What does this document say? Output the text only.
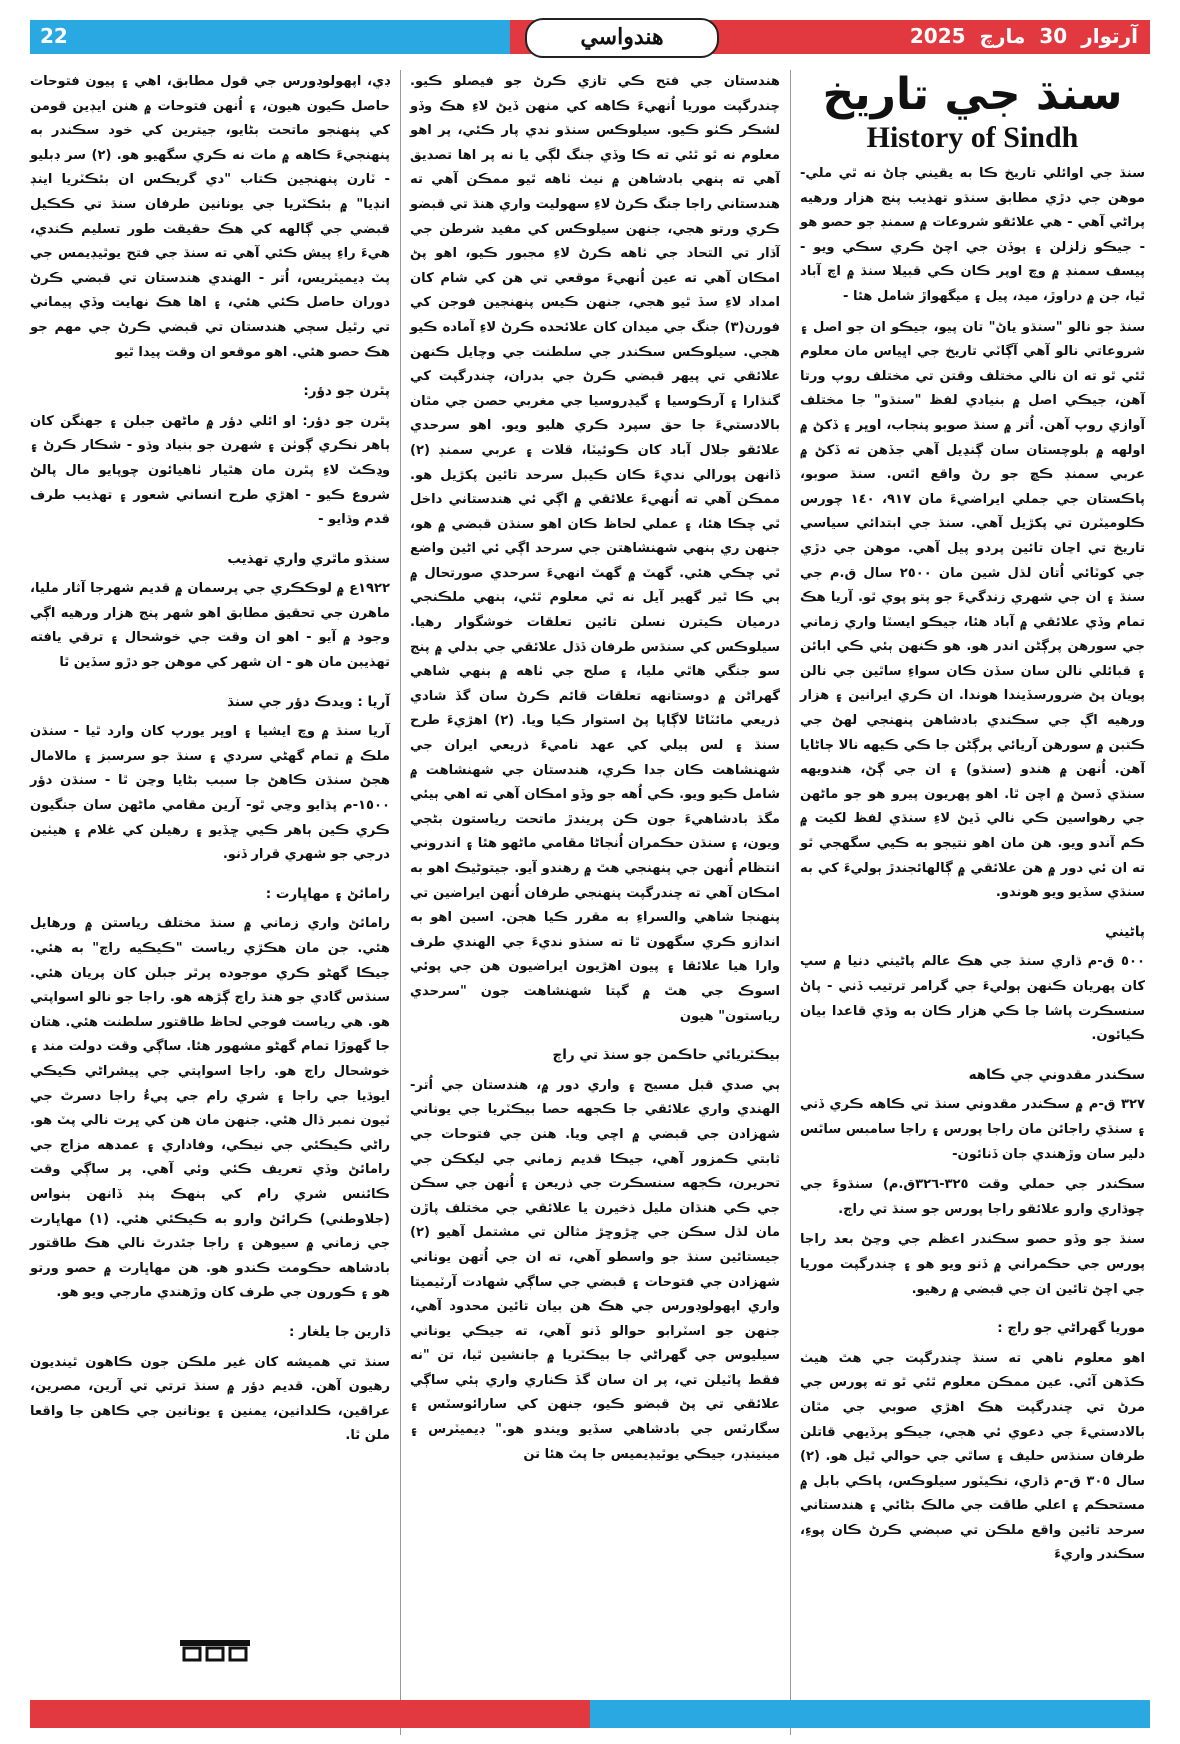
22	هندواسي	آرتوار30مارچ2025
سنڌ جي تاريخ
History of Sindh

سنڌ جي اوائلي تاريخ ڪا به يقيني ڄاڻ نه ٿي ملي- موهن جي دڙي مطابق سنڌو تهذيب پنج هزار ورهيه پراڻي آهي - هي علائقو شروعات ۾ سمنڊ جو حصو هو - جيڪو زلزلن ۽ ٻوڏن جي اچڻ ڪري سڪي ويو - پيسف سمنڊ ۾ وچ اوپر ڪان ڪي قبيلا سنڌ ۾ اچ آباد ٿيا، جن ۾ دراوڙ، ميد، پيل ۽ ميگهواڙ شامل هئا -

سنڌ جو نالو "سنڌو ياڻ" تان پيو، جيڪو ان جو اصل ۽ شروعاتي نالو آهي آڳاٽي تاريخ جي اڀياس مان معلوم ٿئي ٿو ته ان نالي مختلف وقتن تي مختلف روپ ورتا آهن، جيڪي اصل ۾ بنيادي لفظ "سنڌو" جا مختلف آوازي روپ آهن. اُتر ۾ سنڌ صوبو پنجاب، اوڀر ۽ ڏکڻ ۾ اولهه ۾ بلوچستان سان ڳنڍيل آهي جڏهن ته ڏکڻ ۾ عربي سمنڊ ڪڇ جو رڻ واقع اٿس. سنڌ صوبو، پاڪستان جي جملي ايراضيءَ مان ٩١٧، ١٤٠ چورس ڪلوميٽرن تي پکڙيل آهي. سنڌ جي ابتدائي سياسي تاريخ تي اڃان تائين پردو پيل آهي. موهن جي دڙي جي کوٽائي اُتان لڌل شين مان ٢٥٠٠ سال ق.م جي سنڌ ۽ ان جي شهري زندگيءَ جو پتو پوي ٿو. آريا هڪ تمام وڏي علائقي ۾ آباد هئا، جيڪو ايسٽا واري زماني جي سورهن پرڳڻن اندر هو. هو ڪنهن ٻئي ڪي ابائن ۽ قبائلي نالن سان سڏن ڪان سواءِ ساٿين جي نالن پويان پڻ ضرورسڏيندا هوندا. ان ڪري ايرانين ۽ هزار ورهيه اڳ جي سڪندي بادشاهن پنهنجي لهڻ جي ڪتبن ۾ سورهن آريائي پرڳڻن جا ڪي ڪيهه نالا ڄاڻايا آهن. اُنهن ۾ هندو (سنڌو) ۽ ان جي ڳڻ، هندويهه سنڌي ڏسڻ ۾ اچن ٿا. اهو پهريون پيرو هو جو ماڻهن جي رهواسين ڪي نالي ڏيڻ لاءِ سنڌي لفظ لکيت ۾ ڪم آندو ويو. هن مان اهو نتيجو به ڪيي سگهجي ٿو ته ان ئي دور ۾ هن علائقي ۾ ڳالهائجندڙ ٻوليءَ کي به سنڌي سڏيو ويو هوندو.

پاڻيني

٥٠٠ ق-م ڌاري سنڌ جي هڪ عالم پاڻيني دنيا ۾ سڀ کان پهريان ڪنهن ٻوليءَ جي گرامر ترتيب ڏني - پاڻ سنسڪرت پاشا جا ڪي هزار ڪان به وڌي قاعدا بيان ڪيائون.

سڪندر مقدوني جي ڪاهه

٣٢٧ ق-م ۾ سڪندر مقدوني سنڌ تي ڪاهه ڪري ڏني ۽ سنڌي راجائن مان راجا پورس ۽ راجا سامبس ساٿس دلير سان وڙهندي جان ڏنائون-

سڪندر جي حملي وقت ٣٢٥-٣٢٦ق.م) سنڌوءَ جي چوڌاري وارو علائقو راجا پورس جو سنڌ تي راڄ.

سنڌ جو وڏو حصو سڪندر اعظم جي وڃڻ بعد راجا پورس جي حڪمراني ۾ ڏنو ويو هو ۽ چندرگپت موريا جي اچڻ تائين ان جي قبضي ۾ رهيو.

موريا گهراڻي جو راڄ :

اهو معلوم ناهي ته سنڌ چندرگپت جي هٿ هيٺ ڪڏهن آئي. عين ممڪن معلوم ٿئي ٿو ته پورس جي مرڻ تي چندرگپت هڪ اهڙي صوبي جي مٿان بالادستيءَ جي دعوي ئي هجي، جيڪو پرڏيهي قاتلن طرفان سنڌس حليف ۽ ساٿي جي حوالي ٿيل هو. (٢) سال ٣٠٥ ق-م ڌاري، نڪيٽور سيلوڪس، پاڪي بابل ۾ مستحڪم ۽ اعلي طاقت جي مالڪ بڻائي ۽ هندستاني سرحد تائين واقع ملڪن تي صبضي ڪرڻ ڪان پوءِ، سڪندر واريءَ

هندستان جي فتح ڪي تازي ڪرڻ جو فيصلو ڪيو. چندرگپت موريا اُنهيءَ ڪاهه کي منهن ڏيڻ لاءِ هڪ وڏو لشڪر ڪٺو ڪيو. سيلوڪس سنڌو ندي پار ڪئي، پر اهو معلوم نه ٿو ٿئي ته ڪا وڏي جنگ لڳي يا نه پر اها تصديق آهي ته ٻنهي بادشاهن ۾ نيٺ ٺاهه ٿيو ممڪن آهي ته هندستاني راجا جنگ ڪرڻ لاءِ سهوليت واري هنڌ تي قبضو ڪري ورتو هجي، جنهن سيلوڪس کي مفيد شرطن جي آڌار تي التحاد جي ٺاهه ڪرڻ لاءِ مجبور ڪيو، اهو پڻ امڪان آهي ته عين اُنهيءَ موقعي تي هن کي شام کان امداد لاءِ سڏ ٿيو هجي، جنهن ڪيس پنهنجين فوجن کي فورن(٣) جنگ جي ميدان کان علائحده ڪرڻ لاءِ آماده ڪيو هجي. سيلوڪس سڪندر جي سلطنت جي وچايل ڪنهن علائقي تي پيهر قبضي ڪرڻ جي بدران، چندرگپت کي گنڌارا ۽ آرڪوسيا ۽ گيڊروسيا جي مغربي حصن جي مٿان بالادستيءَ جا حق سپرد ڪري هليو ويو. اهو سرحدي علائقو جلال آباد کان ڪوئيٽا، قلات ۽ عربي سمنڊ (٢) ڏانهن پورالي نديءَ ڪان ڪيبل سرحد تائين پکڙيل هو. ممڪن آهي ته اُنهيءَ علائقي ۾ اڳي ئي هندستاني داخل ٿي چڪا هئا، ۽ عملي لحاظ ڪان اهو سنڌن قبضي ۾ هو، جنهن ري ٻنهي شهنشاهتن جي سرحد اڳي ئي اڻين واضع ٿي چڪي هئي. گهٽ ۾ گهٽ انهيءَ سرحدي صورتحال ۾ ٻي ڪا ٿير گهير آيل نه ٿي معلوم ٿئي، ٻنهي ملڪنجي درميان ڪيترن نسلن تائين تعلقات خوشگوار رهيا. سيلوڪس کي سنڌس طرفان ڏڌل علائقي جي بدلي ۾ پنج سو جنگي هاٿي مليا، ۽ صلح جي ٺاهه ۾ ٻنهي شاهي گهراڻن ۾ دوستانهه تعلقات قائم ڪرڻ سان گڏ شادي ذريعي مائٽاڻا لاڳاپا پڻ استوار ڪيا ويا. (٢) اهڙيءَ طرح سنڌ ۽ لس ٻيلي کي عهد ناميءَ ذريعي ايران جي شهنشاهت ڪان جدا ڪري، هندستان جي شهنشاهت ۾ شامل ڪيو ويو. ڪي اُهه جو وڏو امڪان آهي ته اهي ٻيئي مگڌ بادشاهيءَ جون ڪن پريندڙ ماتحت رياستون بڻجي ويون، ۽ سنڌن حڪمران اُنجاڻا مقامي ماڻهو هئا ۽ اندروني انتظام اُنهن جي پنهنجي هٿ ۾ رهندو آيو. جيتوڻيڪ اهو به امڪان آهي ته چندرگپت پنهنجي طرفان اُنهن ايراضين تي پنهنجا شاهي والسراءِ به مقرر ڪيا هجن. اسين اهو به اندازو ڪري سگهون ٿا ته سنڌو نديءَ جي الهندي طرف وارا هيا علائقا ۽ پيون اهڙيون ايراضيون هن جي پوئي اسوڪ جي هٿ ۾ گپتا شهنشاهت جون "سرحدي رياستون" هيون

بيڪٽريائي حاڪمن جو سنڌ تي راڄ

ٻي صدي قبل مسيح ۽ واري دور ۾، هندستان جي اُتر-الهندي واري علائقي جا ڪجهه حصا بيڪٽريا جي يوناني شهزادن جي قبضي ۾ اچي ويا. هنن جي فتوحات جي ثابتي ڪمزور آهي، جيڪا قديم زماني جي ليکڪن جي تحريرن، ڪجهه سنسڪرت جي ذريعن ۽ اُنهن جي سڪن جي ڪي هنڌان مليل ذخيرن يا علائقي جي مختلف پاڙن مان لڌل سڪن جي ڇڙوڇڙ مثالن تي مشتمل آهيو (٢) جيستائين سنڌ جو واسطو آهي، ته ان جي اُتهن يوناني شهزادن جي فتوحات ۽ قبضي جي ساڳي شهادت آرٽيميتا واري اپهولوڊورس جي هڪ هن بيان تائين محدود آهي، جنهن جو اسٽرابو حوالو ڏنو آهي، ته جيڪي يوناني سيليوس جي گهراڻي جا بيڪٽريا ۾ جانشين ٿيا، تن "نه فقط پاٽيلن تي، پر ان سان گڏ ڪناري واري ٻئي ساڳي علائقي تي پڻ قبضو ڪيو، جنهن کي سارائوسٽس ۽ سگارٽس جي بادشاهي سڏيو ويندو هو." ڊيميٽرس ۽ مينينڊر، جيڪي يوٿيڊيميس جا پٽ هئا تن

ڊي، اپهولوڊورس جي قول مطابق، اهي ۽ پيون فتوحات حاصل ڪيون هيون، ۽ اُنهن فتوحات ۾ هنن ايڊين قومن کي پنهنجو ماتحت بڻايو، جيترين کي خود سڪندر به پنهنجيءَ ڪاهه ۾ مات نه ڪري سگهيو هو. (٢) سر ڊبليو - ٽارن پنهنجين ڪتاب "دي گريڪس ان بئڪٽريا اينڊ انڊيا" ۾ بئڪٽريا جي يونانين طرفان سنڌ تي ڪڪيل قبضي جي ڳالهه کي هڪ حقيقت طور تسليم ڪندي، هيءَ راءِ پيش ڪئي آهي ته سنڌ جي فتح يوٿيڊيمس جي پٽ ڊيميٽريس، اُتر - الهندي هندستان تي قبضي ڪرڻ دوران حاصل ڪئي هئي، ۽ اها هڪ نهايت وڏي پيماني تي رٿيل سڄي هندستان تي قبضي ڪرڻ جي مهم جو هڪ حصو هئي. اهو موقعو ان وقت پيدا ٿيو

پٿرن جو دؤر:

پٿرن جو دؤر: او ائلي دؤر ۾ ماڻهن جبلن ۽ جهنگن کان ٻاهر نڪري ڳوٺن ۽ شهرن جو بنياد وڌو - شڪار ڪرڻ ۽ وڍڪٽ لاءِ پٿرن مان هٿيار ٺاهيائون چوپايو مال پالڻ شروع ڪيو - اهڙي طرح انساني شعور ۽ تهذيب طرف قدم وڌايو -

سنڌو ماٿري واري تهذيب

١٩٢٢ع ۾ لوڪڪري جي پرسمان ۾ قديم شهرجا آثار مليا، ماهرن جي تحقيق مطابق اهو شهر پنج هزار ورهيه اڳي وجود ۾ آيو - اهو ان وقت جي خوشحال ۽ ترقي يافته تهذيبن مان هو - ان شهر کي موهن جو دڙو سڏين ٿا

آريا : ويدڪ دؤر جي سنڌ

آريا سنڌ ۾ وچ ايشيا ۽ اوڀر يورپ کان وارد ٿيا - سنڌن ملڪ ۾ تمام گهڻي سردي ۽ سنڌ جو سرسبز ۽ مالامال هجڻ سنڌن ڪاهڻ جا سبب بڻايا وڃن ٿا - سنڌن دؤر ١٥٠٠-م پڌايو وڃي ٿو- آرين مقامي ماڻهن سان جنگيون ڪري ڪين ٻاهر ڪيي ڇڏيو ۽ رهيلن کي غلام ۽ هيٺين درجي جو شهري قرار ڏنو.

رامائڻ ۽ مهاڀارت :

رامائڻ واري زماني ۾ سنڌ مختلف رياستن ۾ ورهايل هئي. جن مان هڪڙي رياست "ڪيڪيه راڄ" به هئي. جيڪا گهڻو ڪري موجوده پرٿر جبلن کان پريان هئي. سنڌس گادي جو هنڌ راڄ ڳڙهه هو. راجا جو نالو اسواپتي هو. هي رياست فوجي لحاظ طاقتور سلطنت هئي. هتان جا گهوڙا تمام گهڻو مشهور هئا. ساڳي وقت دولت مند ۽ خوشحال راڄ هو. راجا اسواپتي جي پيشراڻي ڪيڪي ايوڌيا جي راجا ۽ شري رام جي پيءُ راجا دسرٿ جي ٽيون نمبر ڌال هئي. جنهن مان هن کي ڀرت نالي پٽ هو. راڻي ڪيڪئي جي نيڪي، وفاداري ۽ عمدهه مزاج جي رامائڻ وڏي تعريف ڪئي وئي آهي. پر ساڳي وقت ڪائنس شري رام کي ٻنهڪ پنڊ ڏانهن بنواس (جلاوطني) ڪرائڻ وارو به ڪيڪئي هئي. (١) مهاڀارت جي زماني ۾ سيوهن ۽ راجا جئدرٿ نالي هڪ طاقتور بادشاهه حڪومت ڪندو هو. هن مهاڀارت ۾ حصو ورتو هو ۽ ڪورون جي طرف کان وڙهندي مارجي ويو هو.

ڌارين جا يلغار :

سنڌ تي هميشه کان غير ملڪن جون ڪاهون ٿينديون رهيون آهن. قديم دؤر ۾ سنڌ ترتي تي آرين، مصرين، عراقين، ڪلدانين، يمنين ۽ يونانين جي ڪاهن جا واقعا ملن ٿا.
